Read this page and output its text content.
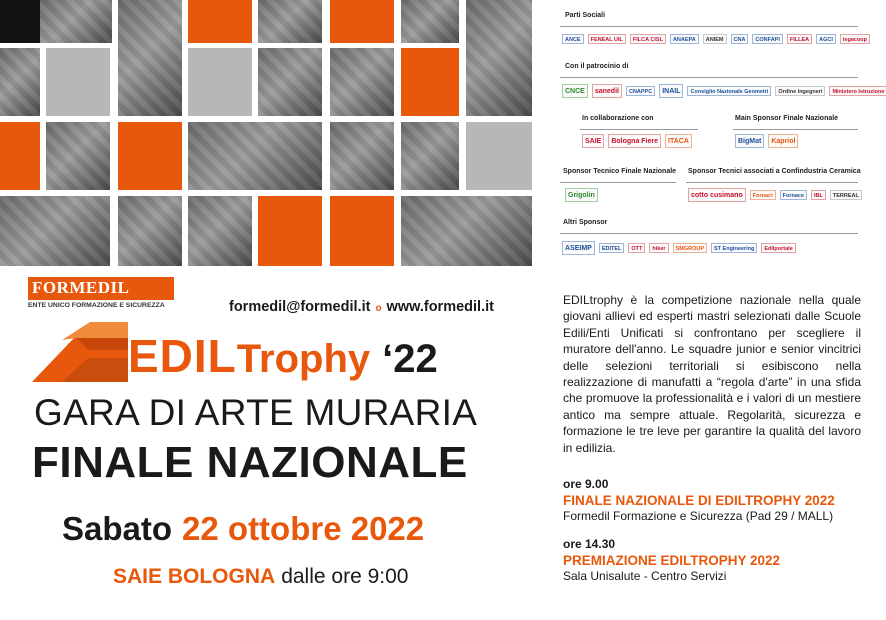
Parti Sociali
ANCE	FENEAL UIL	FILCA CISL	ANAEPA	ANIEM	CNA	CONFAPI	FILLEA	AGCI	legacoop
Con il patrocinio di
CNCE	sanedil	CNAPPC	INAIL	Consiglio Nazionale Geometri	Ordine Ingegneri	Ministero Istruzione
In collaborazione con
SAIE	Bologna Fiere	ITACA
Main Sponsor Finale Nazionale
BigMat	Kapriol
Sponsor Tecnico Finale Nazionale
Grigolin
Sponsor Tecnici associati a Confindustria Ceramica
cotto cusimano	Fornaci	Fornace	IBL	TERREAL
Altri Sponsor
ASEIMP	EDITEL	OTT	hiker	SMGROUP	ST Engineering	Edilportale
FORMEDIL
ENTE UNICO FORMAZIONE E SICUREZZA	formedil@formedil.it o www.formedil.it
EDILTrophy ‘22
GARA DI ARTE MURARIA
FINALE NAZIONALE
Sabato 22 ottobre 2022
SAIE BOLOGNA dalle ore 9:00

EDILtrophy è la competizione nazionale nella quale giovani allievi ed esperti mastri selezionati dalle Scuole Edili/Enti Unificati si confrontano per scegliere il muratore dell'anno. Le squadre junior e senior vincitrici delle selezioni territoriali si esibiscono nella realizzazione di manufatti a “regola d'arte” in una sfida che promuove la professionalità e i valori di un mestiere antico ma sempre attuale. Regolarità, sicurezza e formazione le tre leve per garantire la qualità del lavoro in edilizia.

ore 9.00
FINALE NAZIONALE DI EDILTROPHY 2022
Formedil Formazione e Sicurezza (Pad 29 / MALL)
ore 14.30
PREMIAZIONE EDILTROPHY 2022
Sala Unisalute - Centro Servizi
